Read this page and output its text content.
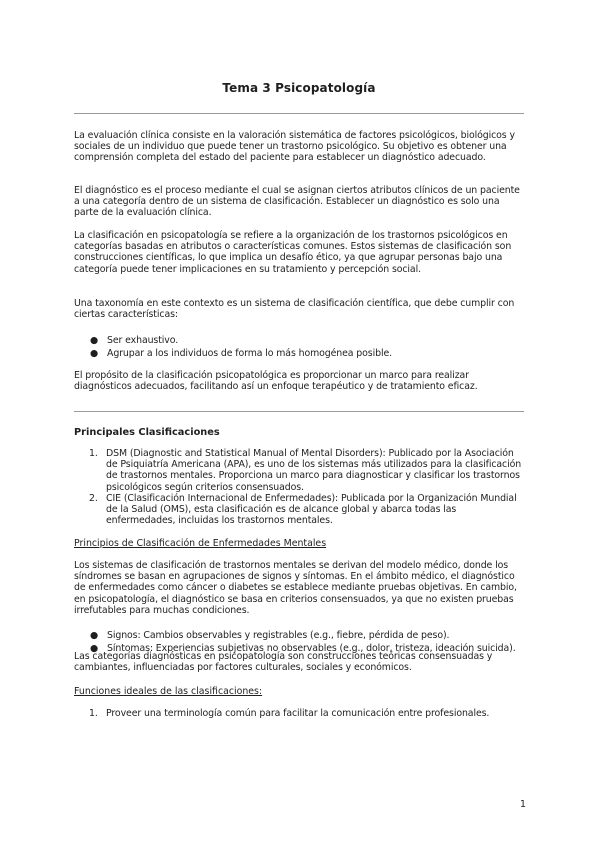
Tema 3 Psicopatología

La evaluación clínica consiste en la valoración sistemática de factores psicológicos, biológicos y sociales de un individuo que puede tener un trastorno psicológico. Su objetivo es obtener una comprensión completa del estado del paciente para establecer un diagnóstico adecuado.

El diagnóstico es el proceso mediante el cual se asignan ciertos atributos clínicos de un paciente a una categoría dentro de un sistema de clasificación. Establecer un diagnóstico es solo una parte de la evaluación clínica.

La clasificación en psicopatología se refiere a la organización de los trastornos psicológicos en categorías basadas en atributos o características comunes. Estos sistemas de clasificación son construcciones científicas, lo que implica un desafío ético, ya que agrupar personas bajo una categoría puede tener implicaciones en su tratamiento y percepción social.

Una taxonomía en este contexto es un sistema de clasificación científica, que debe cumplir con ciertas características:

● Ser exhaustivo.
● Agrupar a los individuos de forma lo más homogénea posible.

El propósito de la clasificación psicopatológica es proporcionar un marco para realizar diagnósticos adecuados, facilitando así un enfoque terapéutico y de tratamiento eficaz.

Principales Clasificaciones

1. DSM (Diagnostic and Statistical Manual of Mental Disorders): Publicado por la Asociación de Psiquiatría Americana (APA), es uno de los sistemas más utilizados para la clasificación de trastornos mentales. Proporciona un marco para diagnosticar y clasificar los trastornos psicológicos según criterios consensuados.
2. CIE (Clasificación Internacional de Enfermedades): Publicada por la Organización Mundial de la Salud (OMS), esta clasificación es de alcance global y abarca todas las enfermedades, incluidas los trastornos mentales.

Principios de Clasificación de Enfermedades Mentales

Los sistemas de clasificación de trastornos mentales se derivan del modelo médico, donde los síndromes se basan en agrupaciones de signos y síntomas. En el ámbito médico, el diagnóstico de enfermedades como cáncer o diabetes se establece mediante pruebas objetivas. En cambio, en psicopatología, el diagnóstico se basa en criterios consensuados, ya que no existen pruebas irrefutables para muchas condiciones.

● Signos: Cambios observables y registrables (e.g., fiebre, pérdida de peso).
● Síntomas: Experiencias subjetivas no observables (e.g., dolor, tristeza, ideación suicida).

Las categorías diagnósticas en psicopatología son construcciones teóricas consensuadas y cambiantes, influenciadas por factores culturales, sociales y económicos.

Funciones ideales de las clasificaciones:

1. Proveer una terminología común para facilitar la comunicación entre profesionales.
1
